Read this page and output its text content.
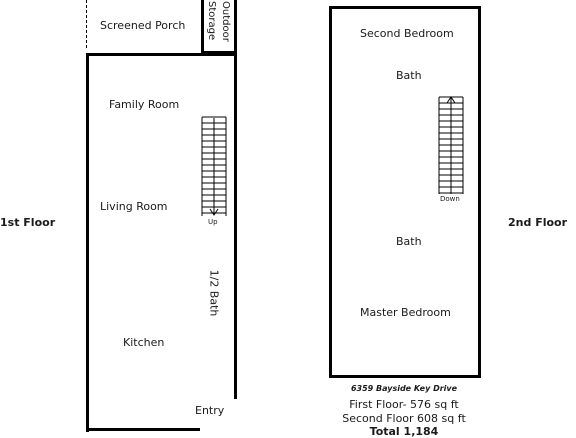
Screened Porch	Outdoor
Storage
Family Room
Living Room
1/2 Bath
Kitchen
Entry
Up
1st Floor
Second Bedroom
Bath
Down
Bath
Master Bedroom
2nd Floor
6359 Bayside Key Drive
First Floor- 576 sq ft
Second Floor 608 sq ft
Total 1,184
